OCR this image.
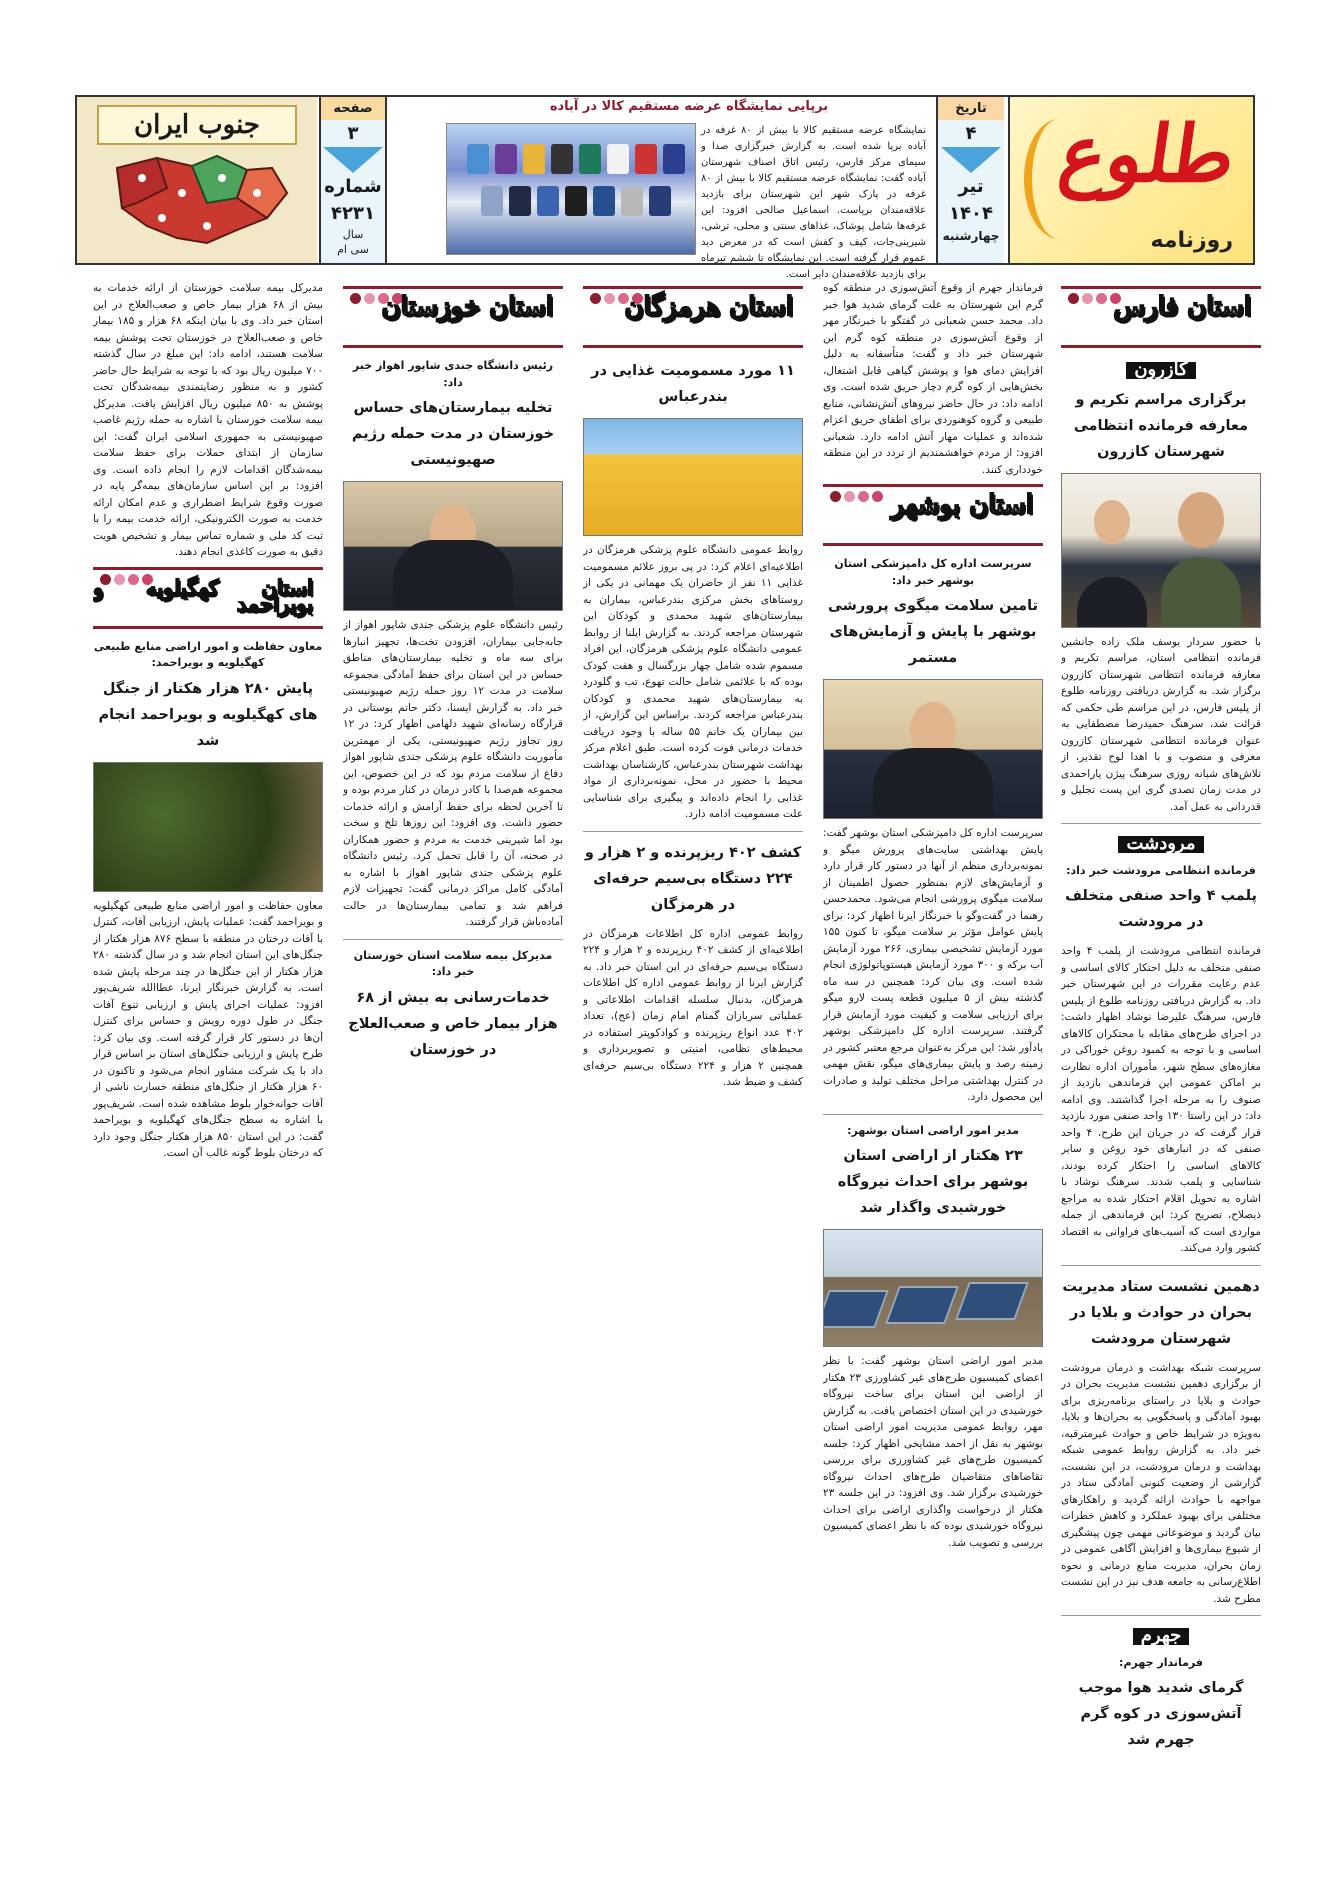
طلوع
روزنامه
تاریخ
۴
تیر
۱۴۰۴
چهارشنبه
برپایی نمایشگاه عرضه مستقیم کالا در آباده
نمایشگاه عرضه مستقیم کالا با بیش از ۸۰ غرفه در آباده برپا شده است. به گزارش خبرگزاری صدا و سیمای مرکز فارس، رئیس اتاق اصناف شهرستان آباده گفت: نمایشگاه عرضه مستقیم کالا با بیش از ۸۰ غرفه در پارک شهر این شهرستان برای بازدید علاقه‌مندان برپاست. اسماعیل صالحی افزود: این غرفه‌ها شامل پوشاک، غذاهای سنتی و محلی، ترشی، شیرینی‌جات، کیف و کفش است که در معرض دید عموم قرار گرفته است. این نمایشگاه تا ششم تیرماه برای بازدید علاقه‌مندان دایر است.
صفحه
۳
شماره
۴۲۳۱
سال
سی ام
جنوب ایران
استان فارس
کازرون
برگزاری مراسم تکریم و معارفه فرمانده انتظامی شهرستان کازرون
با حضور سردار یوسف ملک زاده جانشین فرمانده انتظامی استان، مراسم تکریم و معارفه فرمانده انتظامی شهرستان کازرون برگزار شد. به گزارش دریافتی روزنامه طلوع از پلیس فارس، در این مراسم طی حکمی که قرائت شد، سرهنگ حمیدرضا مصطفایی به عنوان فرمانده انتظامی شهرستان کازرون معرفی و منصوب و با اهدا لوح تقدیر، از تلاش‌های شبانه روزی سرهنگ پیژن یاراحمدی در مدت زمان تصدی گری این پست تجلیل و قدردانی به عمل آمد.
مرودشت
فرمانده انتظامی مرودشت خبر داد:
پلمب ۴ واحد صنفی متخلف در مرودشت
فرمانده انتظامی مرودشت از پلمب ۴ واحد صنفی متخلف به دلیل احتکار کالای اساسی و عدم رعایت مقررات در این شهرستان خبر داد. به گزارش دریافتی روزنامه طلوع از پلیس فارس، سرهنگ علیرضا نوشاد اظهار داشت: در اجرای طرح‌های مقابله با محتکران کالاهای اساسی و با توجه به کمبود روغن خوراکی در مغازه‌های سطح شهر، مأموران اداره نظارت بر اماکن عمومی این فرماندهی بازدید از صنوف را به مرحله اجرا گذاشتند. وی ادامه داد: در این راستا ۱۳۰ واحد صنفی مورد بازدید قرار گرفت که در جریان این طرح، ۴ واحد صنفی که در انبارهای خود روغن و سایر کالاهای اساسی را احتکار کرده بودند، شناسایی و پلمب شدند. سرهنگ نوشاد با اشاره به تحویل اقلام احتکار شده به مراجع ذیصلاح، تصریح کرد: این فرماندهی از جمله مواردی است که آسیب‌های فراوانی به اقتصاد کشور وارد می‌کند.
دهمین نشست ستاد مدیریت بحران در حوادث و بلایا در شهرستان مرودشت
سرپرست شبکه بهداشت و درمان مرودشت از برگزاری دهمین نشست مدیریت بحران در حوادث و بلایا در راستای برنامه‌ریزی برای بهبود آمادگی و پاسخگویی به بحران‌ها و بلایا، به‌ویژه در شرایط خاص و حوادث غیرمترقبه، خبر داد. به گزارش روابط عمومی شبکه بهداشت و درمان مرودشت، در این نشست، گزارشی از وضعیت کنونی آمادگی ستاد در مواجهه با حوادث ارائه گردید و راهکارهای مختلفی برای بهبود عملکرد و کاهش خطرات بیان گردید و موضوعاتی مهمی چون پیشگیری از شیوع بیماری‌ها و افزایش آگاهی عمومی در زمان بحران، مدیریت منابع درمانی و نحوه اطلاع‌رسانی به جامعه هدف نیز در این نشست مطرح شد.
جهرم
فرماندار جهرم:
گرمای شدید هوا موجب آتش‌سوزی در کوه گرم جهرم شد
فرماندار جهرم از وقوع آتش‌سوزی در منطقه کوه گرم این شهرستان به علت گرمای شدید هوا خبر داد. محمد حسن شعبانی در گفتگو با خبرنگار مهر از وقوع آتش‌سوزی در منطقه کوه گرم این شهرستان خبر داد و گفت: متأسفانه به دلیل افزایش دمای هوا و پوشش گیاهی قابل اشتعال، بخش‌هایی از کوه گرم دچار حریق شده است. وی ادامه داد: در حال حاضر نیروهای آتش‌نشانی، منابع طبیعی و گروه کوهنوردی برای اطفای حریق اعزام شده‌اند و عملیات مهار آتش ادامه دارد. شعبانی افزود: از مردم خواهشمندیم از تردد در این منطقه خودداری کنند.
استان بوشهر
سرپرست اداره کل دامپزشکی استان بوشهر خبر داد:
تامین سلامت میگوی پرورشی بوشهر با پایش و آزمایش‌های مستمر
سرپرست اداره کل دامپزشکی استان بوشهر گفت: پایش بهداشتی سایت‌های پرورش میگو و نمونه‌برداری منظم از آنها در دستور کار قرار دارد و آزمایش‌های لازم بمنظور حصول اطمینان از سلامت میگوی پرورشی انجام می‌شود. محمدحسن رهنما در گفت‌وگو با خبرنگار ایرنا اظهار کرد: برای پایش عوامل مؤثر بر سلامت میگو، تا کنون ۱۵۵ مورد آزمایش تشخیصی بیماری، ۲۶۶ مورد آزمایش آب برکه و ۳۰۰ مورد آزمایش هیستوپاتولوژی انجام شده است. وی بیان کرد: همچنین در سه ماه گذشته بیش از ۵ میلیون قطعه پست لارو میگو برای ارزیابی سلامت و کیفیت مورد آزمایش قرار گرفتند. سرپرست اداره کل دامپزشکی بوشهر یادآور شد: این مرکز به‌عنوان مرجع معتبر کشور در زمینه رصد و پایش بیماری‌های میگو، نقش مهمی در کنترل بهداشتی مراحل مختلف تولید و صادرات این محصول دارد.
مدیر امور اراضی استان بوشهر:
۲۳ هکتار از اراضی استان بوشهر برای احداث نیروگاه خورشیدی واگذار شد
مدیر امور اراضی استان بوشهر گفت: با نظر اعضای کمیسیون طرح‌های غیر کشاورزی ۲۳ هکتار از اراضی این استان برای ساخت نیروگاه خورشیدی در این استان اختصاص یافت. به گزارش مهر، روابط عمومی مدیریت امور اراضی استان بوشهر به نقل از احمد مشایخی اظهار کرد: جلسه کمیسیون طرح‌های غیر کشاورزی برای بررسی تقاضاهای متقاضیان طرح‌های احداث نیروگاه خورشیدی برگزار شد. وی افزود: در این جلسه ۲۳ هکتار از درخواست واگذاری اراضی برای احداث نیروگاه خورشیدی بوده که با نظر اعضای کمیسیون بررسی و تصویب شد.
استان هرمزگان
۱۱ مورد مسمومیت غذایی در بندرعباس
روابط عمومی دانشگاه علوم پزشکی هرمزگان در اطلاعیه‌ای اعلام کرد: در پی بروز علائم مسمومیت غذایی ۱۱ نفر از حاضران یک مهمانی در یکی از روستاهای بخش مرکزی بندرعباس، بیماران به بیمارستان‌های شهید محمدی و کودکان این شهرستان مراجعه کردند. به گزارش ایلنا از روابط عمومی دانشگاه علوم پزشکی هرمزگان، این افراد مسموم شده شامل چهار بزرگسال و هفت کودک بوده که با علائمی شامل حالت تهوع، تب و گلودرد به بیمارستان‌های شهید محمدی و کودکان بندرعباس مراجعه کردند. براساس این گزارش، از بین بیماران یک خانم ۵۵ ساله با وجود دریافت خدمات درمانی فوت کرده است. طبق اعلام مرکز بهداشت شهرستان بندرعباس، کارشناسان بهداشت محیط با حضور در محل، نمونه‌برداری از مواد غذایی را انجام داده‌اند و پیگیری برای شناسایی علت مسمومیت ادامه دارد.
کشف ۴۰۲ ریزپرنده و ۲ هزار و ۲۲۴ دستگاه بی‌سیم حرفه‌ای در هرمزگان
روابط عمومی اداره کل اطلاعات هرمزگان در اطلاعیه‌ای از کشف ۴۰۲ ریزپرنده و ۲ هزار و ۲۲۴ دستگاه بی‌سیم حرفه‌ای در این استان خبر داد. به گزارش ایرنا از روابط عمومی اداره کل اطلاعات هرمزگان، بدنبال سلسله اقدامات اطلاعاتی و عملیاتی سربازان گمنام امام زمان (عج)، تعداد ۴۰۲ عدد انواع ریزپرنده و کوادکوپتر استفاده در محیط‌های نظامی، امنیتی و تصویربرداری و همچنین ۲ هزار و ۲۲۴ دستگاه بی‌سیم حرفه‌ای کشف و ضبط شد.
استان خوزستان
رئیس دانشگاه جندی شاپور اهواز خبر داد:
تخلیه بیمارستان‌های حساس خوزستان در مدت حمله رژیم صهیونیستی
رئیس دانشگاه علوم پزشکی جندی شاپور اهواز از جابه‌جایی بیماران، افزودن تخت‌ها، تجهیز انبارها برای سه ماه و تخلیه بیمارستان‌های مناطق حساس در این استان برای حفظ آمادگی مجموعه سلامت در مدت ۱۲ روز حمله رژیم صهیونیستی خبر داد. به گزارش ایسنا، دکتر حاتم بوستانی در قرارگاه رسانه‌ای شهید دلهامی اظهار کرد: در ۱۲ روز تجاوز رژیم صهیونیستی، یکی از مهمترین مأموریت دانشگاه علوم پزشکی جندی شاپور اهواز دفاع از سلامت مردم بود که در این خصوص، این مجموعه هم‌صدا با کادر درمان در کنار مردم بوده و تا آخرین لحظه برای حفظ آرامش و ارائه خدمات حضور داشت. وی افزود: این روزها تلخ و سخت بود اما شیرینی خدمت به مردم و حضور همکاران در صحنه، آن را قابل تحمل کرد. رئیس دانشگاه علوم پزشکی جندی شاپور اهواز با اشاره به آمادگی کامل مراکز درمانی گفت: تجهیزات لازم فراهم شد و تمامی بیمارستان‌ها در حالت آماده‌باش قرار گرفتند.
مدیرکل بیمه سلامت استان خوزستان خبر داد:
خدمات‌رسانی به بیش از ۶۸ هزار بیمار خاص و صعب‌العلاج در خوزستان
مدیرکل بیمه سلامت خوزستان از ارائه خدمات به بیش از ۶۸ هزار بیمار خاص و صعب‌العلاج در این استان خبر داد. وی با بیان اینکه ۶۸ هزار و ۱۸۵ بیمار خاص و صعب‌العلاج در خوزستان تحت پوشش بیمه سلامت هستند، ادامه داد: این مبلغ در سال گذشته ۷۰۰ میلیون ریال بود که با توجه به شرایط حال حاضر کشور و به منظور رضایتمندی بیمه‌شدگان تحت پوشش به ۸۵۰ میلیون ریال افزایش یافت. مدیرکل بیمه سلامت خوزستان با اشاره به حمله رژیم غاصب صهیونیستی به جمهوری اسلامی ایران گفت: این سازمان از ابتدای حملات برای حفظ سلامت بیمه‌شدگان اقدامات لازم را انجام داده است. وی افزود: بر این اساس سازمان‌های بیمه‌گر پایه در صورت وقوع شرایط اضطراری و عدم امکان ارائه خدمت به صورت الکترونیکی، ارائه خدمت بیمه را با ثبت کد ملی و شماره تماس بیمار و تشخیص هویت دقیق به صورت کاغذی انجام دهند.
استان کهگیلویه و بویراحمد
معاون حفاظت و امور اراضی منابع طبیعی کهگیلویه و بویراحمد:
پایش ۲۸۰ هزار هکتار از جنگل های کهگیلویه و بویراحمد انجام شد
معاون حفاظت و امور اراضی منابع طبیعی کهگیلویه و بویراحمد گفت: عملیات پایش، ارزیابی آفات، کنترل با آفات درختان در منطقه با سطح ۸۷۶ هزار هکتار از جنگل‌های این استان انجام شد و در سال گذشته ۲۸۰ هزار هکتار از این جنگل‌ها در چند مرحله پایش شده است. به گزارش خبرنگار ایرنا، عطاالله شریف‌پور افزود: عملیات اجرای پایش و ارزیابی تنوع آفات جنگل در طول دوره رویش و حساس برای کنترل آن‌ها در دستور کار قرار گرفته است. وی بیان کرد: طرح پایش و ارزیابی جنگل‌های استان بر اساس قرار داد با یک شرکت مشاور انجام می‌شود و تاکنون در ۶۰ هزار هکتار از جنگل‌های منطقه خسارت ناشی از آفات جوانه‌خوار بلوط مشاهده شده است. شریف‌پور با اشاره به سطح جنگل‌های کهگیلویه و بویراحمد گفت: در این استان ۸۵۰ هزار هکتار جنگل وجود دارد که درختان بلوط گونه غالب آن است.
